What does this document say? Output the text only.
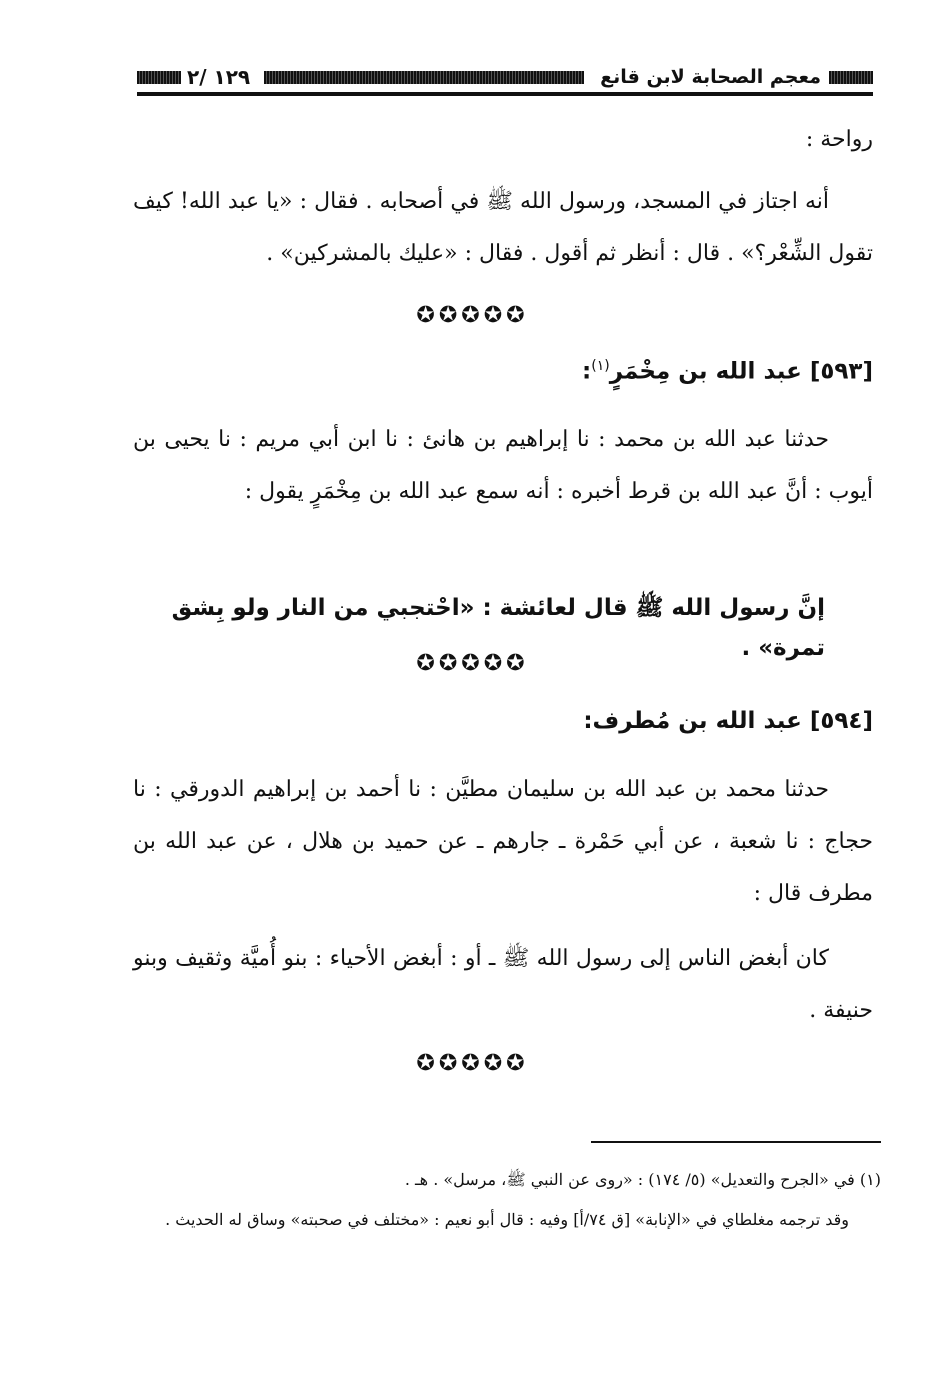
معجم الصحابة لابن قانع
١٢٩ /٢

رواحة :

أنه اجتاز في المسجد، ورسول الله ﷺ في أصحابه . فقال : «يا عبد الله! كيف تقول الشِّعْر؟» . قال : أنظر ثم أقول . فقال : «عليك بالمشركين» .

✪✪✪✪✪
[٥٩٣] عبد الله بن مِخْمَرٍ$^{(١)}$:

حدثنا عبد الله بن محمد : نا إبراهيم بن هانئ : نا ابن أبي مريم : نا يحيى بن أيوب : أنَّ عبد الله بن قرط أخبره : أنه سمع عبد الله بن مِخْمَرٍ يقول :

إنَّ رسول الله ﷺ قال لعائشة : «احْتجبي من النار ولو بِشق تمرة» .

✪✪✪✪✪
[٥٩٤] عبد الله بن مُطرف:

حدثنا محمد بن عبد الله بن سليمان مطيَّن : نا أحمد بن إبراهيم الدورقي : نا حجاج : نا شعبة ، عن أبي حَمْرة ـ جارهم ـ عن حميد بن هلال ، عن عبد الله بن مطرف قال :

كان أبغض الناس إلى رسول الله ﷺ ـ أو : أبغض الأحياء : بنو أُميَّة وثقيف وبنو حنيفة .

✪✪✪✪✪

(١) في «الجرح والتعديل» (٥/ ١٧٤) : «روى عن النبي ﷺ، مرسل» . هـ .

وقد ترجمه مغلطاي في «الإنابة» [ق ٧٤/أ] وفيه : قال أبو نعيم : «مختلف في صحبته» وساق له الحديث .
